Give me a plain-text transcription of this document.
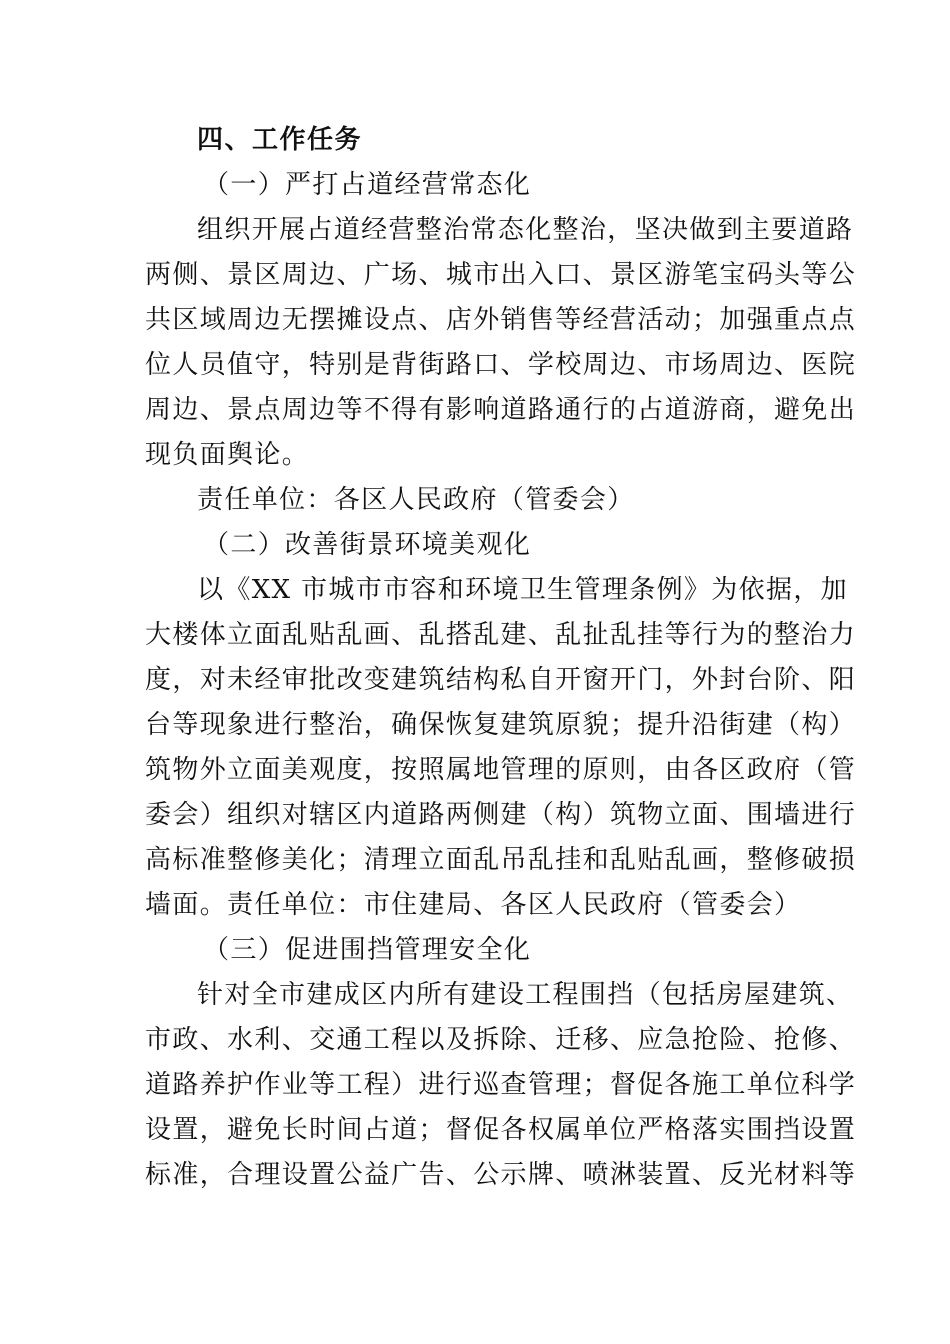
四、工作任务

（一）严打占道经营常态化

组织开展占道经营整治常态化整治，坚决做到主要道路

两侧、景区周边、广场、城市出入口、景区游笔宝码头等公

共区域周边无摆摊设点、店外销售等经营活动；加强重点点

位人员值守，特别是背街路口、学校周边、市场周边、医院

周边、景点周边等不得有影响道路通行的占道游商，避免出

现负面舆论。

责任单位：各区人民政府（管委会）

（二）改善街景环境美观化

以《XX 市城市市容和环境卫生管理条例》为依据，加

大楼体立面乱贴乱画、乱搭乱建、乱扯乱挂等行为的整治力

度，对未经审批改变建筑结构私自开窗开门，外封台阶、阳

台等现象进行整治，确保恢复建筑原貌；提升沿街建（构）

筑物外立面美观度，按照属地管理的原则，由各区政府（管

委会）组织对辖区内道路两侧建（构）筑物立面、围墙进行

高标准整修美化；清理立面乱吊乱挂和乱贴乱画，整修破损

墙面。责任单位：市住建局、各区人民政府（管委会）

（三）促进围挡管理安全化

针对全市建成区内所有建设工程围挡（包括房屋建筑、

市政、水利、交通工程以及拆除、迁移、应急抢险、抢修、

道路养护作业等工程）进行巡查管理；督促各施工单位科学

设置，避免长时间占道；督促各权属单位严格落实围挡设置

标准，合理设置公益广告、公示牌、喷淋装置、反光材料等
